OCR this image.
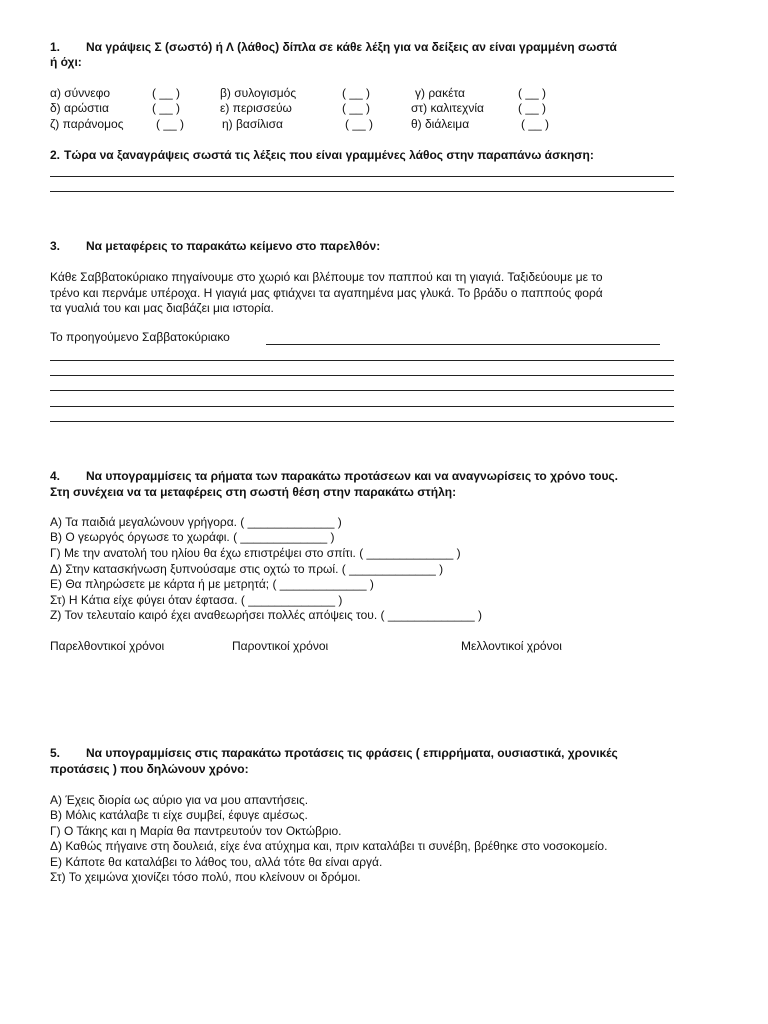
1. Να γράψεις Σ (σωστό) ή Λ (λάθος) δίπλα σε κάθε λέξη για να δείξεις αν είναι γραμμένη σωστά
ή όχι:
α) σύννεφο	( __ )	β) συλογισμός	( __ )	γ) ρακέτα	( __ )
δ) αρώστια	( __ )	ε) περισσεύω	( __ )	στ) καλιτεχνία	( __ )
ζ) παράνομος	( __ )	η) βασίλισα	( __ )	θ) διάλειμα	( __ )
2. Τώρα να ξαναγράψεις σωστά τις λέξεις που είναι γραμμένες λάθος στην παραπάνω άσκηση:
3. Να μεταφέρεις το παρακάτω κείμενο στο παρελθόν:
Κάθε Σαββατοκύριακο πηγαίνουμε στο χωριό και βλέπουμε τον παππού και τη γιαγιά. Ταξιδεύουμε με το
τρένο και περνάμε υπέροχα. Η γιαγιά μας φτιάχνει τα αγαπημένα μας γλυκά. Το βράδυ ο παππούς φορά
τα γυαλιά του και μας διαβάζει μια ιστορία.
Το προηγούμενο Σαββατοκύριακο
4. Να υπογραμμίσεις τα ρήματα των παρακάτω προτάσεων και να αναγνωρίσεις το χρόνο τους.
Στη συνέχεια να τα μεταφέρεις στη σωστή θέση στην παρακάτω στήλη:
Α) Τα παιδιά μεγαλώνουν γρήγορα. ( _____________ )
Β) Ο γεωργός όργωσε το χωράφι. ( _____________ )
Γ) Με την ανατολή του ηλίου θα έχω επιστρέψει στο σπίτι. ( _____________ )
Δ) Στην κατασκήνωση ξυπνούσαμε στις οχτώ το πρωί. ( _____________ )
Ε) Θα πληρώσετε με κάρτα ή με μετρητά; ( _____________ )
Στ) Η Κάτια είχε φύγει όταν έφτασα. ( _____________ )
Ζ) Τον τελευταίο καιρό έχει αναθεωρήσει πολλές απόψεις του. ( _____________ )
Παρελθοντικοί χρόνοι	Παροντικοί χρόνοι	Μελλοντικοί χρόνοι
5. Να υπογραμμίσεις στις παρακάτω προτάσεις τις φράσεις ( επιρρήματα, ουσιαστικά, χρονικές
προτάσεις ) που δηλώνουν χρόνο:
Α) Έχεις διορία ως αύριο για να μου απαντήσεις.
Β) Μόλις κατάλαβε τι είχε συμβεί, έφυγε αμέσως.
Γ) Ο Τάκης και η Μαρία θα παντρευτούν τον Οκτώβριο.
Δ) Καθώς πήγαινε στη δουλειά, είχε ένα ατύχημα και, πριν καταλάβει τι συνέβη, βρέθηκε στο νοσοκομείο.
Ε) Κάποτε θα καταλάβει το λάθος του, αλλά τότε θα είναι αργά.
Στ) Το χειμώνα χιονίζει τόσο πολύ, που κλείνουν οι δρόμοι.
